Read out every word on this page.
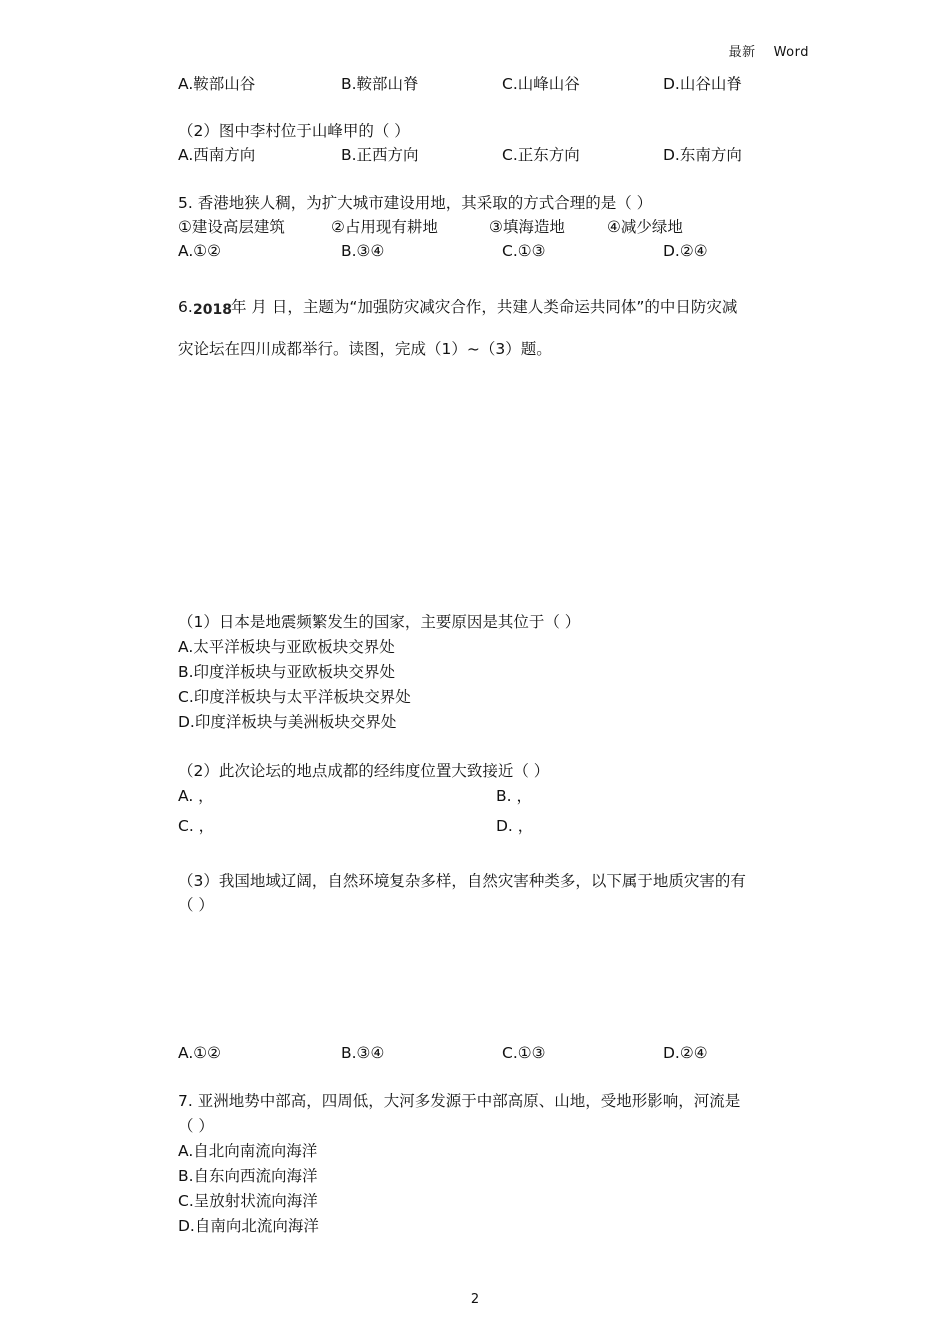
最新 Word
A.鞍部山谷	B.鞍部山脊	C.山峰山谷	D.山谷山脊
（2）图中李村位于山峰甲的（ ）
A.西南方向	B.正西方向	C.正东方向	D.东南方向
5. 香港地狭人稠，为扩大城市建设用地，其采取的方式合理的是（ ）
①建设高层建筑	②占用现有耕地	③填海造地	④减少绿地
A.①②	B.③④	C.①③	D.②④
6. 2018 年 月 日，主题为“加强防灾减灾合作，共建人类命运共同体”的中日防灾减
灾论坛在四川成都举行。读图，完成（1）~（3）题。
（1）日本是地震频繁发生的国家，主要原因是其位于（ ）
A.太平洋板块与亚欧板块交界处
B.印度洋板块与亚欧板块交界处
C.印度洋板块与太平洋板块交界处
D.印度洋板块与美洲板块交界处
（2）此次论坛的地点成都的经纬度位置大致接近（ ）
A. ，	B. ，
C. ，	D. ，
（3）我国地域辽阔，自然环境复杂多样，自然灾害种类多，以下属于地质灾害的有
（ ）
A.①②	B.③④	C.①③	D.②④
7. 亚洲地势中部高，四周低，大河多发源于中部高原、山地，受地形影响，河流是
（ ）
A.自北向南流向海洋
B.自东向西流向海洋
C.呈放射状流向海洋
D.自南向北流向海洋
2
